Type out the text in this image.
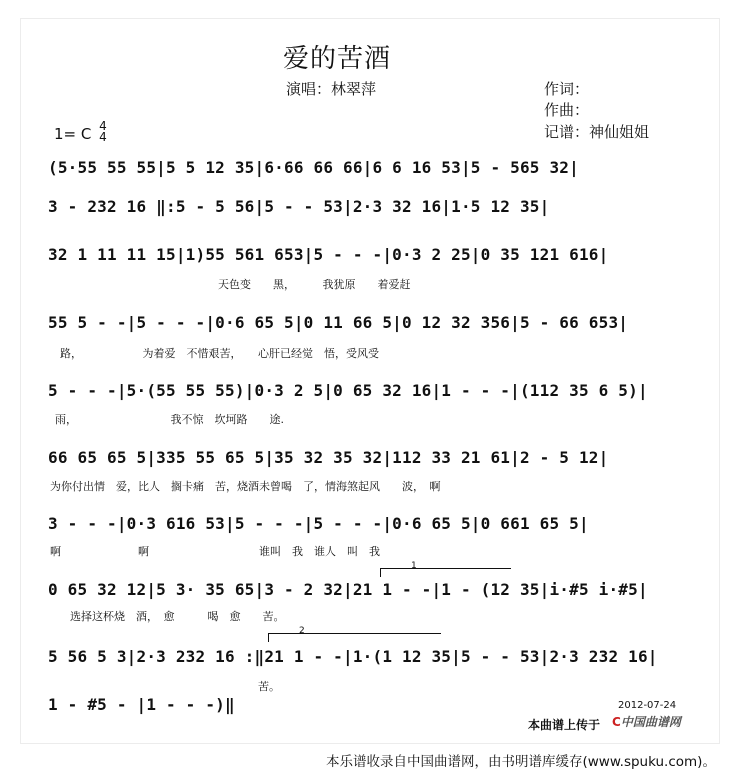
爱的苦酒
演唱：林翠萍	作词：
作曲：
记谱：神仙姐姐
1= C 4
4
(5·55 55 55|5 5 12 35|6·66 66 66|6 6 16 53|5 - 565 32|
3 - 232 16 ‖:5 - 5 56|5 - - 53|2·3 32 16|1·5 12 35|
32 1 11 11 15|1)55 561 653|5 - - -|0·3 2 25|0 35 121 616|
天色变　　黑，　　　我犹原　　着爱赶
55 5 - -|5 - - -|0·6 65 5|0 11 66 5|0 12 32 356|5 - 66 653|
路，　　　　　　为着爱　不惜艰苦，　　心肝已经觉　悟，受风受
5 - - -|5·(55 55 55)|0·3 2 5|0 65 32 16|1 - - -|(112 35 6 5)|
雨，　　　　　　　　　我不惊　坎坷路　　途.
66 65 65 5|335 55 65 5|35 32 35 32|112 33 21 61|2 - 5 12|
为你付出情　爱，比人　搁卡痛　苦，烧酒未曾喝　了，情海煞起风　　波，　啊
3 - - -|0·3 616 53|5 - - -|5 - - -|0·6 65 5|0 661 65 5|
啊　　　　　　　啊　　　　　　　　　　谁叫　我　谁人　叫　我
1
0 65 32 12|5 3· 35 65|3 - 2 32|21 1 - -|1 - (12 35|i·#5 i·#5|
选择这杯烧　酒，　愈　　　喝　愈　　苦。
2
5 56 5 3|2·3 232 16 :‖21 1 - -|1·(1 12 35|5 - - 53|2·3 232 16|
　　　　　　　　　　　　　　　　　　苦。
1 - #5 - |1 - - -)‖	2012-07-24
本曲谱上传于 C中国曲谱网
本乐谱收录自中国曲谱网，由书明谱库缓存(www.spuku.com)。
